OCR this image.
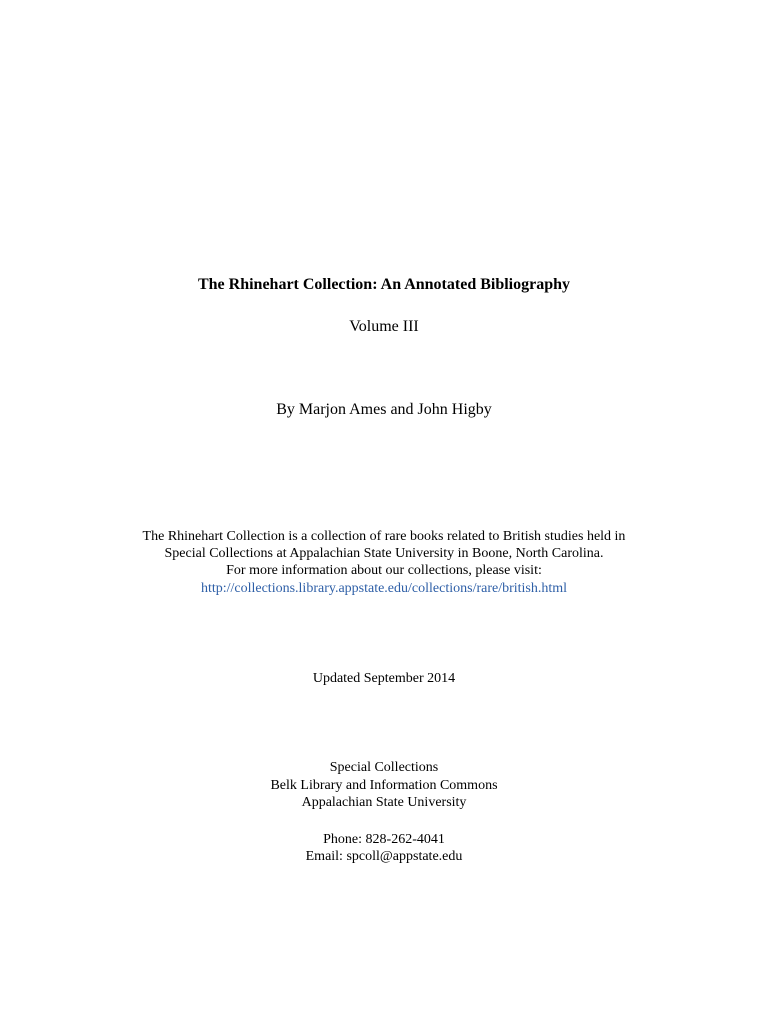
The Rhinehart Collection: An Annotated Bibliography
Volume III
By Marjon Ames and John Higby
The Rhinehart Collection is a collection of rare books related to British studies held in
Special Collections at Appalachian State University in Boone, North Carolina.
For more information about our collections, please visit:
http://collections.library.appstate.edu/collections/rare/british.html
Updated September 2014
Special Collections
Belk Library and Information Commons
Appalachian State University
Phone: 828-262-4041
Email: spcoll@appstate.edu
